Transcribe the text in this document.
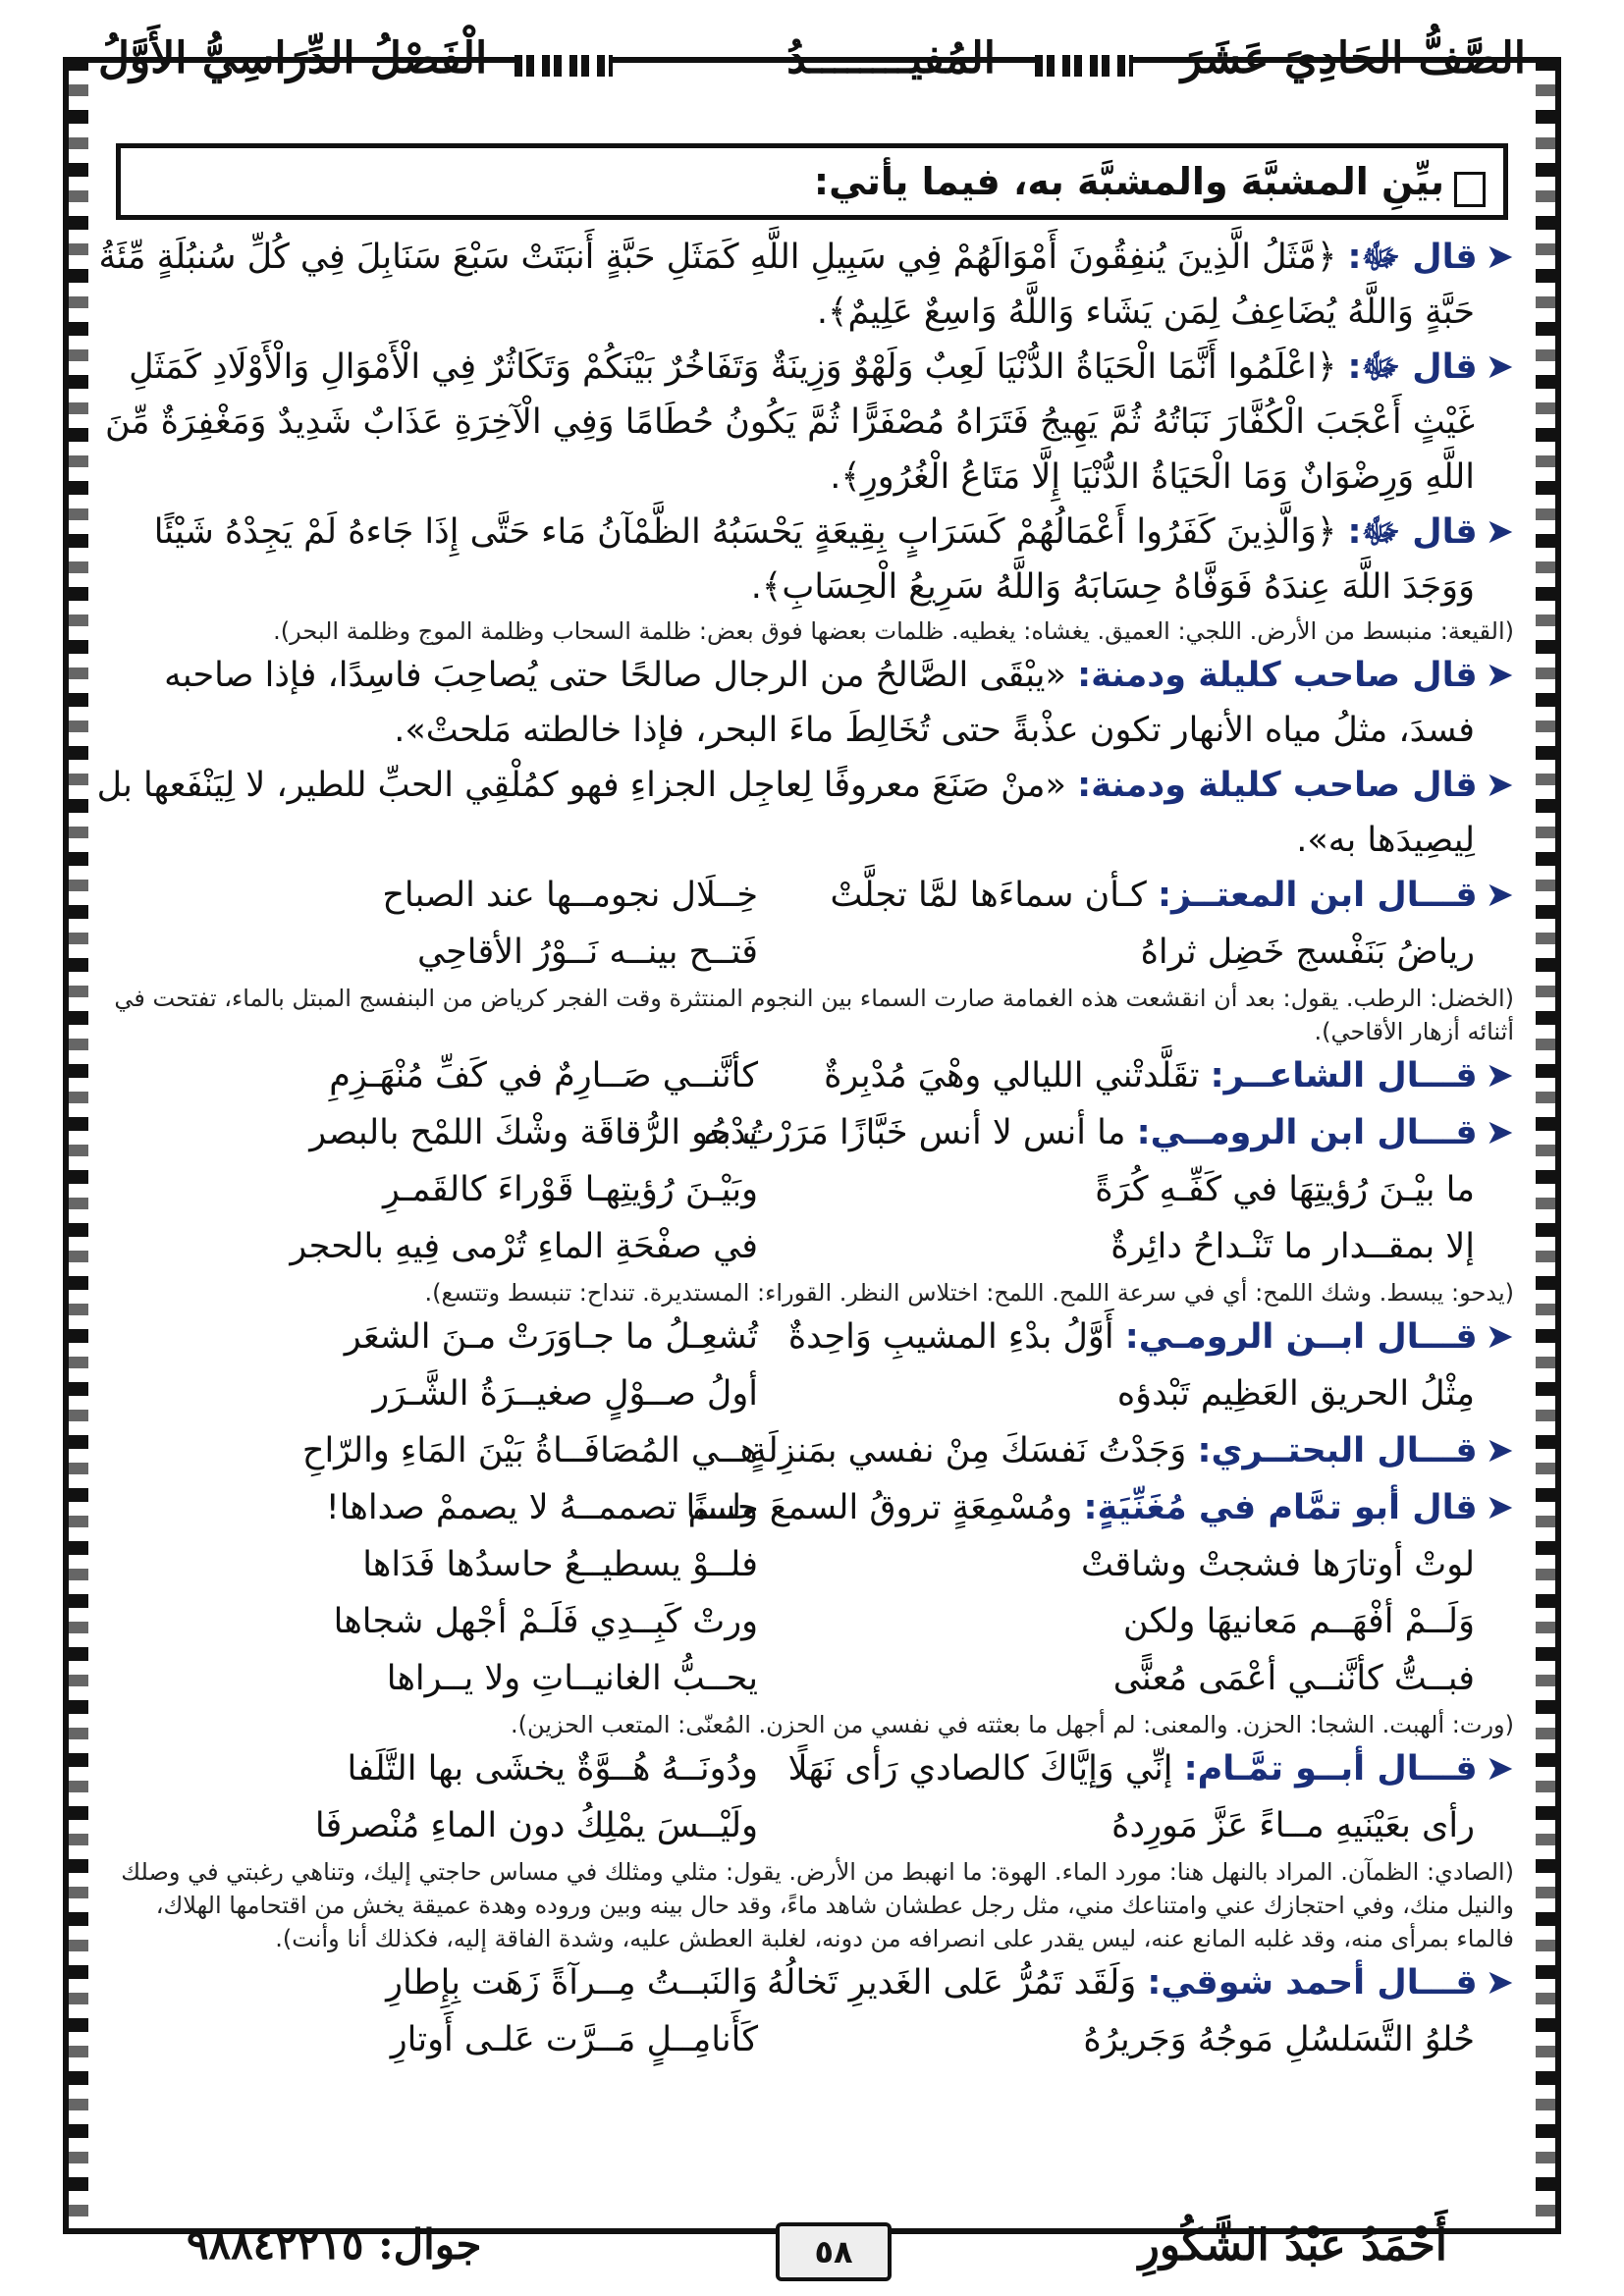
الصَّفُّ الحَادِيَ عَشَرَ
المُفيــــــــدُ
الْفَصْلُ الدِّرَاسِيُّ الأَوَّلُ
بيِّنِ المشبَّهَ والمشبَّهَ به، فيما يأتي:
➤قال ﷻ: ﴿مَّثَلُ الَّذِينَ يُنفِقُونَ أَمْوَالَهُمْ فِي سَبِيلِ اللَّهِ كَمَثَلِ حَبَّةٍ أَنبَتَتْ سَبْعَ سَنَابِلَ فِي كُلِّ سُنبُلَةٍ مِّئَةُ
حَبَّةٍ وَاللَّهُ يُضَاعِفُ لِمَن يَشَاء وَاللَّهُ وَاسِعٌ عَلِيمٌ﴾.
➤قال ﷻ: ﴿اعْلَمُوا أَنَّمَا الْحَيَاةُ الدُّنْيَا لَعِبٌ وَلَهْوٌ وَزِينَةٌ وَتَفَاخُرٌ بَيْنَكُمْ وَتَكَاثُرٌ فِي الْأَمْوَالِ وَالْأَوْلَادِ كَمَثَلِ
غَيْثٍ أَعْجَبَ الْكُفَّارَ نَبَاتُهُ ثُمَّ يَهِيجُ فَتَرَاهُ مُصْفَرًّا ثُمَّ يَكُونُ حُطَامًا وَفِي الْآخِرَةِ عَذَابٌ شَدِيدٌ وَمَغْفِرَةٌ مِّنَ
اللَّهِ وَرِضْوَانٌ وَمَا الْحَيَاةُ الدُّنْيَا إِلَّا مَتَاعُ الْغُرُورِ﴾.
➤قال ﷻ: ﴿وَالَّذِينَ كَفَرُوا أَعْمَالُهُمْ كَسَرَابٍ بِقِيعَةٍ يَحْسَبُهُ الظَّمْآنُ مَاء حَتَّى إِذَا جَاءهُ لَمْ يَجِدْهُ شَيْئًا
وَوَجَدَ اللَّهَ عِندَهُ فَوَفَّاهُ حِسَابَهُ وَاللَّهُ سَرِيعُ الْحِسَابِ﴾.
(القيعة: منبسط من الأرض. اللجي: العميق. يغشاه: يغطيه. ظلمات بعضها فوق بعض: ظلمة السحاب وظلمة الموج وظلمة البحر).
➤قال صاحب كليلة ودمنة: «يبْقَى الصَّالحُ من الرجال صالحًا حتى يُصاحِبَ فاسِدًا، فإذا صاحبه
فسدَ، مثلُ مياه الأنهار تكون عذْبةً حتى تُخَالِطَ ماءَ البحر، فإذا خالطته مَلحتْ».
➤قال صاحب كليلة ودمنة: «منْ صَنَعَ معروفًا لِعاجِل الجزاءِ فهو كمُلْقِي الحبِّ للطير، لا لِيَنْفَعها بل
لِيصِيدَها به».
➤قـــال ابن المعتــز: كـأن سماءَها لمَّا تجلَّتْ
خِــلَال نجومــها عند الصباح
رياضُ بَنَفْسج خَضِل ثراهُ
فَتــح بينــه نَــوْرُ الأقاحِي
(الخضل: الرطب. يقول: بعد أن انقشعت هذه الغمامة صارت السماء بين النجوم المنتثرة وقت الفجر كرياض من البنفسج المبتل بالماء، تفتحت في أثنائه أزهار الأقاحي).
➤قـــال الشاعــر: تقَلَّدتْني الليالي وهْيَ مُدْبِرةٌ
كأنَّنــي صَــارِمٌ في كَفِّ مُنْهَـزِمِ
➤قـــال ابن الرومــي: ما أنس لا أنس خَبَّازًا مَرَرْتُ به
يدْحُو الرُّقاقَة وشْكَ اللمْح بالبصر
ما بيْـنَ رُؤيتِهَا في كَفِّـهِ كُرَةً
وبَيْـنَ رُؤيتِهـا قَوْراءَ كالقَمـرِ
إلا بمقــدار ما تَنْـداحُ دائِرةٌ
في صفْحَةِ الماءِ تُرْمى فِيهِ بالحجر
(يدحو: يبسط. وشك اللمح: أي في سرعة اللمح. اللمح: اختلاس النظر. القوراء: المستديرة. تنداح: تنبسط وتتسع).
➤قـــال ابــن الرومـي: أَوَّلُ بدْءِ المشيبِ وَاحِدةٌ
تُشعِـلُ ما جـاوَرَتْ مـنَ الشعَر
مِثْلُ الحريق العَظِيم تَبْدؤه
أولُ صــوْلٍ صغيــرَةُ الشَّـرَر
➤قـــال البحتــري: وَجَدْتُ نَفسَكَ مِنْ نفسي بمَنزِلَةٍ
هــي المُصَافَــاةُ بَيْنَ المَاءِ والرّاحِ
➤قال أبو تمَّام في مُغَنِّيَةٍ: ومُسْمِعَةٍ تروقُ السمعَ حسنًا
ولــم تصممــهُ لا يصممْ صداها!
لوتْ أوتارَها فشجتْ وشاقتْ
فلــوْ يسطيــعُ حاسدُها فَدَاها
وَلَــمْ أفْهَــم مَعانيهَا ولكن
ورتْ كَبِــدِي فَلَـمْ أجْهل شجاها
فبــتُّ كأنَّنــي أعْمَى مُعنًّى
يحــبُّ الغانيــاتِ ولا يــراها
(ورت: ألهبت. الشجا: الحزن. والمعنى: لم أجهل ما بعثته في نفسي من الحزن. المُعنّى: المتعب الحزين).
➤قـــال أبــو تمَّـام: إنِّي وَإيَّاكَ كالصادي رَأى نَهَلًا
ودُونَــهُ هُــوَّةٌ يخشَى بها التَّلَفا
رأى بعَيْنَيهِ مــاءً عَزَّ مَورِدهُ
ولَيْــسَ يمْلِكُ دون الماءِ مُنْصرفَا
(الصادي: الظمآن. المراد بالنهل هنا: مورد الماء. الهوة: ما انهبط من الأرض. يقول: مثلي ومثلك في مساس حاجتي إليك، وتناهي رغبتي في وصلك والنيل منك، وفي احتجازك عني وامتناعك مني، مثل رجل عطشان شاهد ماءً، وقد حال بينه وبين وروده وهدة عميقة يخش من اقتحامها الهلاك، فالماء بمرأى منه، وقد غلبه المانع عنه، ليس يقدر على انصرافه من دونه، لغلبة العطش عليه، وشدة الفاقة إليه، فكذلك أنا وأنت).
➤قـــال أحمد شوقي: وَلَقَد تَمُرُّ عَلى الغَديرِ تَخالُهُ
وَالنَبــتُ مِــرآةً زَهَت بِإِطارِ
حُلوُ التَّسَلسُلِ مَوجُهُ وَجَريرُهُ
كَأَنامِــلٍ مَــرَّت عَلـى أَوتارِ
أَحْمَدُ عَبْدُ الشَّكُورِ
٥٨
جوال: ٩٨٨٤٢٢١٥
